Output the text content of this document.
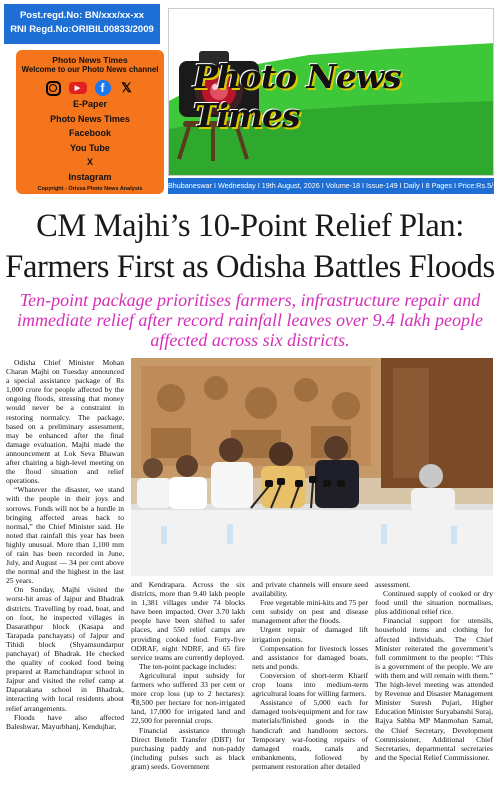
Post.regd.No: BN/xxx/xx-xx
RNI Regd.No:ORIBIL00833/2009
Photo News Times
Welcome to our Photo News channel
▶	f	𝕏
E-Paper
Photo News Times
Facebook
You Tube
X
Instagram
Copyright - Orissa Photo News Analysis
Photo News Times
Bhubaneswar I Wednesday I 19th August, 2026 I Volume-18 I Issue-149 I Daily I 8 Pages I Price:Rs.5/-
CM Majhi’s 10-Point Relief Plan:
Farmers First as Odisha Battles Floods
Ten-point package prioritises farmers, infrastructure repair and immediate relief after record rainfall leaves over 9.4 lakh people affected across six districts.

Odisha Chief Minister Mohan Charan Majhi on Tuesday announced a special assistance package of Rs 1,000 crore for people affected by the ongoing floods, stressing that money would never be a constraint in restoring normalcy. The package, based on a preliminary assessment, may be enhanced after the final damage evaluation. Majhi made the announcement at Lok Seva Bhawan after chairing a high-level meeting on the flood situation and relief operations.

“Whatever the disaster, we stand with the people in their joys and sorrows. Funds will not be a hurdle in bringing affected areas back to normal,” the Chief Minister said. He noted that rainfall this year has been highly unusual. More than 1,100 mm of rain has been recorded in June, July, and August — 34 per cent above the normal and the highest in the last 25 years.

On Sunday, Majhi visited the worst-hit areas of Jajpur and Bhadrak districts. Travelling by road, boat, and on foot, he inspected villages in Dasarathpur block (Kasapa and Tarapada panchayats) of Jajpur and Tihidi block (Shyamsundarpur panchayat) of Bhadrak. He checked the quality of cooked food being prepared at Ramchandrapur school in Jajpur and visited the relief camp at Daparakana school in Bhadrak, interacting with local residents about relief arrangements.

Floods have also affected Baleshwar, Mayurbhanj, Kendujhar,

and Kendrapara. Across the six districts, more than 9.40 lakh people in 1,381 villages under 74 blocks have been impacted. Over 3.70 lakh people have been shifted to safer places, and 550 relief camps are providing cooked food. Forty-five ODRAF, eight NDRF, and 65 fire service teams are currently deployed.

The ten-point package includes:

Agricultural input subsidy for farmers who suffered 33 per cent or more crop loss (up to 2 hectares): ₹8,500 per hectare for non-irrigated land, 17,000 for irrigated land and 22,500 for perennial crops.

Financial assistance through Direct Benefit Transfer (DBT) for purchasing paddy and non-paddy (including pulses such as black gram) seeds. Government

and private channels will ensure seed availability.

Free vegetable mini-kits and 75 per cent subsidy on pest and disease management after the floods.

Urgent repair of damaged lift irrigation points.

Compensation for livestock losses and assistance for damaged boats, nets and ponds.

Conversion of short-term Kharif crop loans into medium-term agricultural loans for willing farmers.

Assistance of 5,000 each for damaged tools/equipment and for raw materials/finished goods in the handicraft and handloom sectors. Temporary war-footing repairs of damaged roads, canals and embankments, followed by permanent restoration after detailed

assessment.

Continued supply of cooked or dry food until the situation normalises, plus additional relief rice.

Financial support for utensils, household items and clothing for affected individuals. The Chief Minister reiterated the government’s full commitment to the people: “This is a government of the people. We are with them and will remain with them.” The high-level meeting was attended by Revenue and Disaster Management Minister Suresh Pujari, Higher Education Minister Suryabanshi Suraj, Rajya Sabha MP Manmohan Samal, the Chief Secretary, Development Commissioner, Additional Chief Secretaries, departmental secretaries and the Special Relief Commissioner.
